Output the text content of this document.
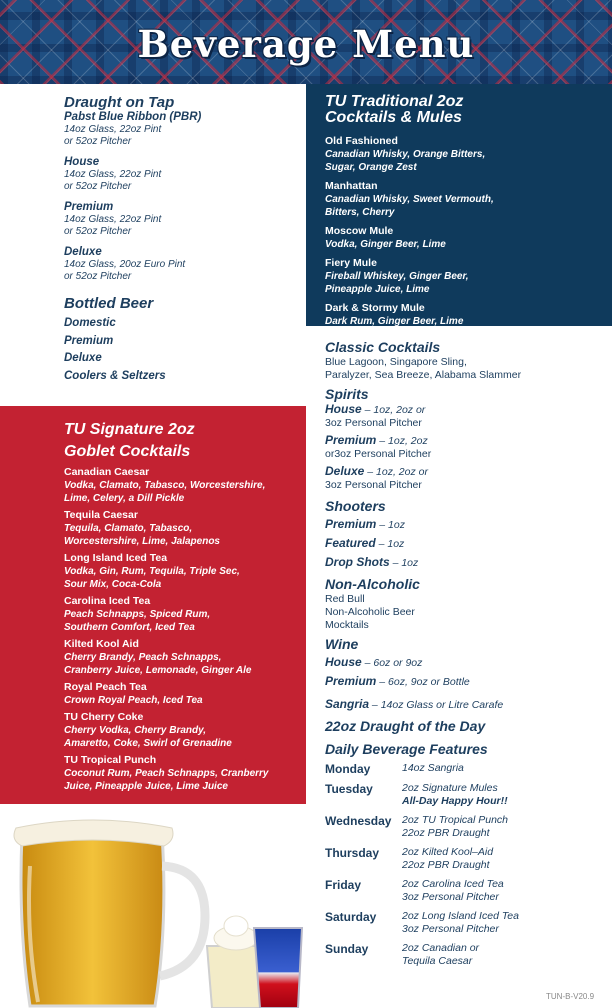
Beverage Menu
Draught on Tap
Pabst Blue Ribbon (PBR)
14oz Glass, 22oz Pint
or 52oz Pitcher
House
14oz Glass, 22oz Pint
or 52oz Pitcher
Premium
14oz Glass, 22oz Pint
or 52oz Pitcher
Deluxe
14oz Glass, 20oz Euro Pint
or 52oz Pitcher
Bottled Beer
Domestic
Premium
Deluxe
Coolers & Seltzers
TU Traditional 2oz
Cocktails & Mules
Old Fashioned
Canadian Whisky, Orange Bitters,
Sugar, Orange Zest
Manhattan
Canadian Whisky, Sweet Vermouth,
Bitters, Cherry
Moscow Mule
Vodka, Ginger Beer, Lime
Fiery Mule
Fireball Whiskey, Ginger Beer,
Pineapple Juice, Lime
Dark & Stormy Mule
Dark Rum, Ginger Beer, Lime
TU Signature 2oz
Goblet Cocktails
Canadian Caesar
Vodka, Clamato, Tabasco, Worcestershire,
Lime, Celery, a Dill Pickle
Tequila Caesar
Tequila, Clamato, Tabasco,
Worcestershire, Lime, Jalapenos
Long Island Iced Tea
Vodka, Gin, Rum, Tequila, Triple Sec,
Sour Mix, Coca-Cola
Carolina Iced Tea
Peach Schnapps, Spiced Rum,
Southern Comfort, Iced Tea
Kilted Kool Aid
Cherry Brandy, Peach Schnapps,
Cranberry Juice, Lemonade, Ginger Ale
Royal Peach Tea
Crown Royal Peach, Iced Tea
TU Cherry Coke
Cherry Vodka, Cherry Brandy,
Amaretto, Coke, Swirl of Grenadine
TU Tropical Punch
Coconut Rum, Peach Schnapps, Cranberry
Juice, Pineapple Juice, Lime Juice
Classic Cocktails
Blue Lagoon, Singapore Sling,
Paralyzer, Sea Breeze, Alabama Slammer
Spirits
House – 1oz, 2oz or
3oz Personal Pitcher
Premium – 1oz, 2oz
or3oz Personal Pitcher
Deluxe – 1oz, 2oz or
3oz Personal Pitcher
Shooters
Premium – 1oz
Featured – 1oz
Drop Shots – 1oz
Non-Alcoholic
Red Bull
Non-Alcoholic Beer
Mocktails
Wine
House – 6oz or 9oz
Premium – 6oz, 9oz or Bottle
Sangria – 14oz Glass or Litre Carafe
22oz Draught of the Day
Daily Beverage Features
Monday	14oz Sangria
Tuesday	2oz Signature Mules
All-Day Happy Hour!!
Wednesday	2oz TU Tropical Punch
22oz PBR Draught
Thursday	2oz Kilted Kool–Aid
22oz PBR Draught
Friday	2oz Carolina Iced Tea
3oz Personal Pitcher
Saturday	2oz Long Island Iced Tea
3oz Personal Pitcher
Sunday	2oz Canadian or
Tequila Caesar
TUN-B-V20.9
